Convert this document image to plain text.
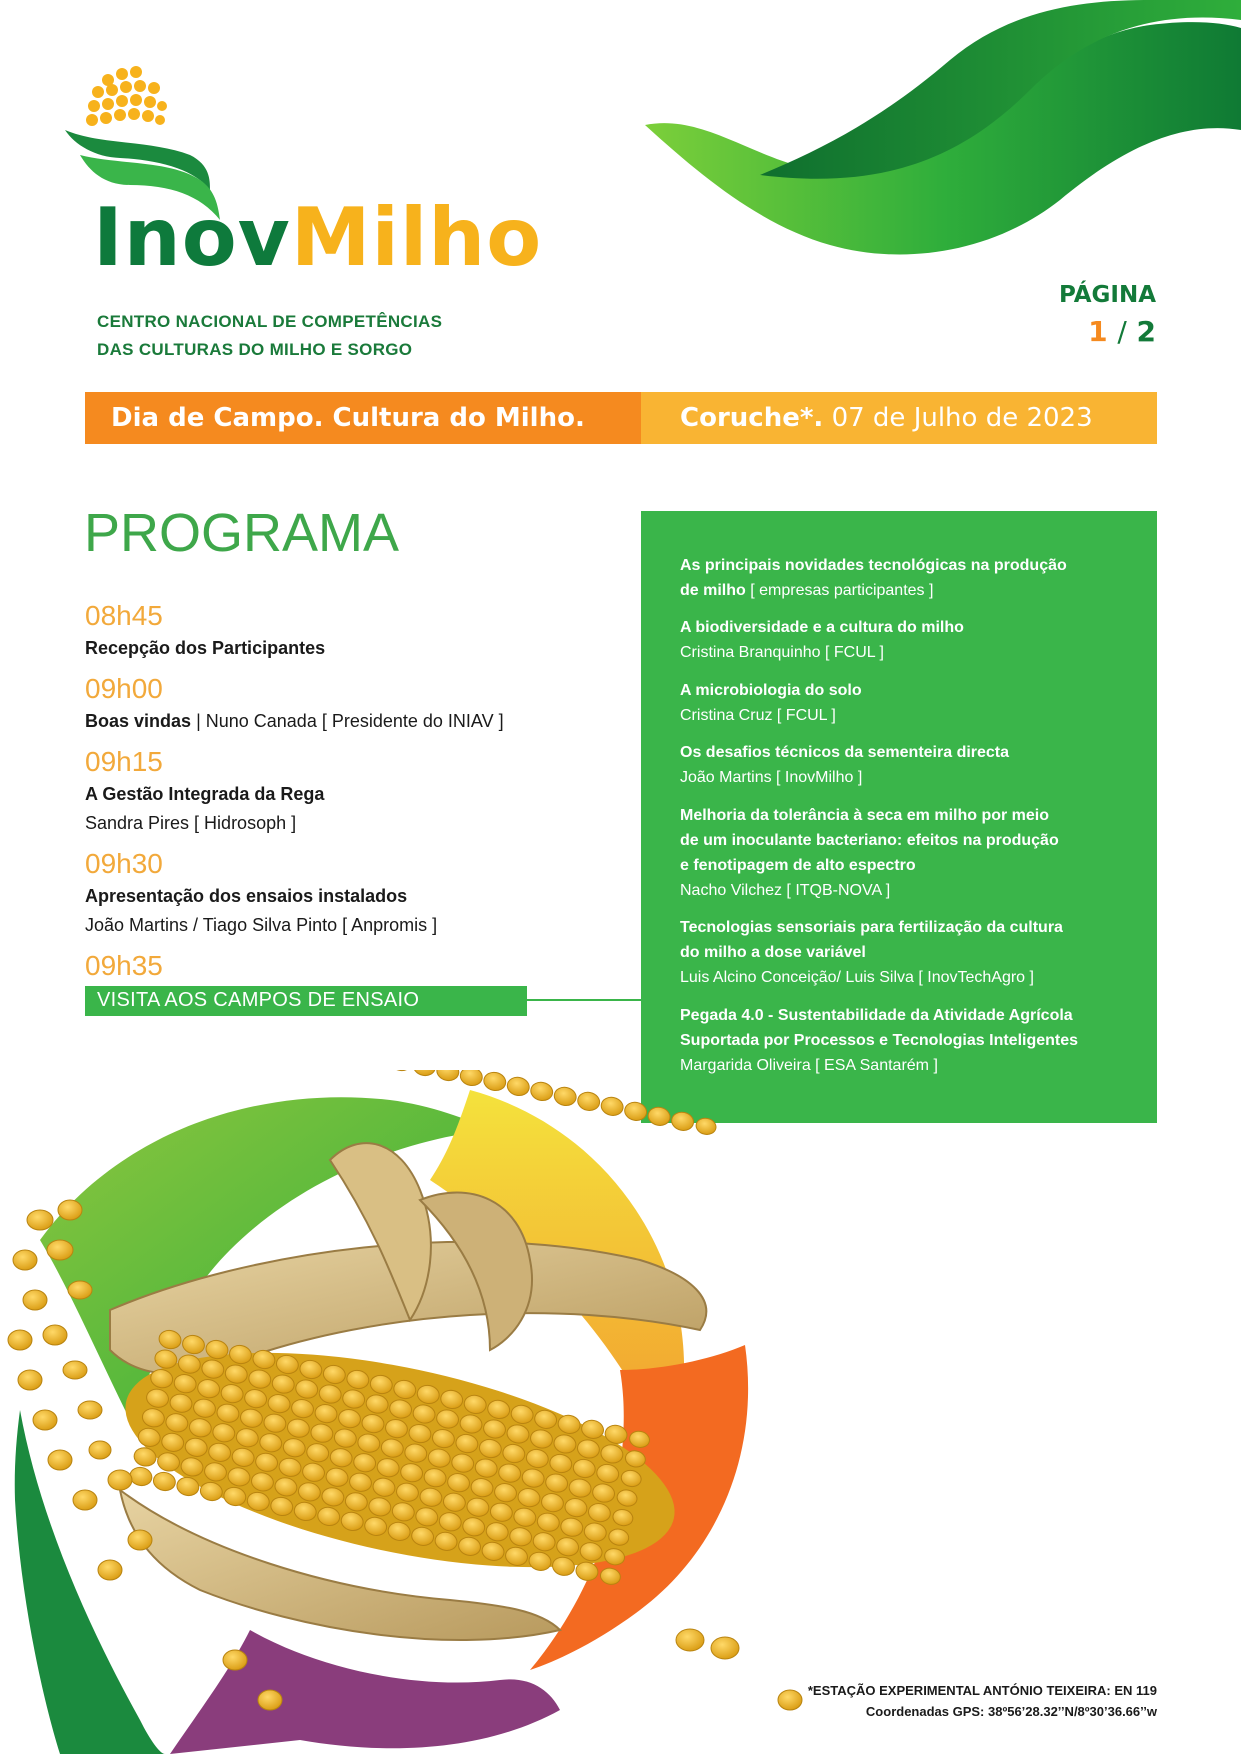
InovMilho
CENTRO NACIONAL DE COMPETÊNCIAS
DAS CULTURAS DO MILHO E SORGO
PÁGINA
1 / 2
Dia de Campo. Cultura do Milho.	Coruche*. 07 de Julho de 2023
PROGRAMA
08h45
Recepção dos Participantes
09h00
Boas vindas | Nuno Canada [ Presidente do INIAV ]
09h15
A Gestão Integrada da Rega
Sandra Pires [ Hidrosoph ]
09h30
Apresentação dos ensaios instalados
João Martins / Tiago Silva Pinto [ Anpromis ]
09h35
VISITA AOS CAMPOS DE ENSAIO
As principais novidades tecnológicas na produção
de milho [ empresas participantes ]
A biodiversidade e a cultura do milho
Cristina Branquinho [ FCUL ]
A microbiologia do solo
Cristina Cruz [ FCUL ]
Os desafios técnicos da sementeira directa
João Martins [ InovMilho ]
Melhoria da tolerância à seca em milho por meio
de um inoculante bacteriano: efeitos na produção
e fenotipagem de alto espectro
Nacho Vilchez [ ITQB-NOVA ]
Tecnologias sensoriais para fertilização da cultura
do milho a dose variável
Luis Alcino Conceição/ Luis Silva [ InovTechAgro ]
Pegada 4.0 - Sustentabilidade da Atividade Agrícola
Suportada por Processos e Tecnologias Inteligentes
Margarida Oliveira [ ESA Santarém ]
*ESTAÇÃO EXPERIMENTAL ANTÓNIO TEIXEIRA: EN 119
Coordenadas GPS: 38º56’28.32’’N/8º30’36.66’’w
